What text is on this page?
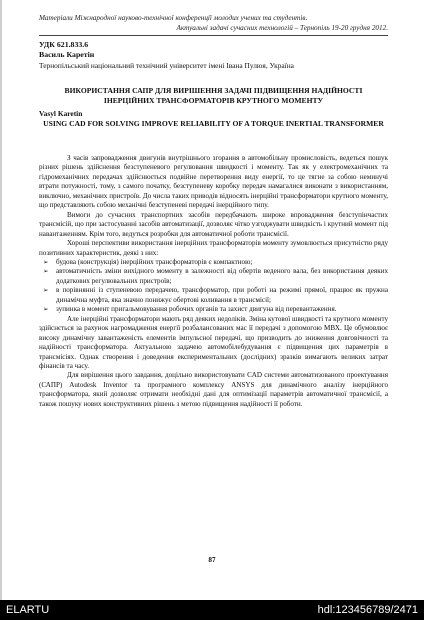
Матеріали Міжнародної науково-технічної конференції молодих учених та студентів.
Актуальні задачі сучасних технологій – Тернопіль 19-20 грудня 2012.
УДК 621.833.6
Василь Каретін
Тернопільський національний технічний університет імені Івана Пулюя, Україна
ВИКОРИСТАННЯ САПР ДЛЯ ВИРІШЕННЯ ЗАДАЧІ ПІДВИЩЕННЯ НАДІЙНОСТІ ІНЕРЦІЙНИХ ТРАНСФОРМАТОРІВ КРУТНОГО МОМЕНТУ
Vasyl Karetin
USING CAD FOR SOLVING IMPROVE RELIABILITY OF A TORQUE INERTIAL TRANSFORMER

З часів запровадження двигунів внутрішнього згорання в автомобільну промисловість, ведеться пошук різних рішень здійснення безступеневого регулювання швидкості і моменту. Так як у електромеханічних та гідромеханічних передачах здійснюється подвійне перетворення виду енергії, то це тягне за собою неминучі втрати потужності, тому, з самого початку, безступеневу коробку передач намагалися виконати з використанням, виключно, механічних пристроїв. До числа таких приводів відносять інерційні трансформатори крутного моменту, що представляють собою механічні безступеневі передачі інерційного типу.

Вимоги до сучасних транспортних засобів передбачають широке впровадження безступінчастих трансмісій, що при застосуванні засобів автоматизації, дозволяє чітко узгоджувати швидкість і крутний момент під навантаженням. Крім того, ведуться розробки для автоматичної роботи трансмісії.

Хороші перспективи використання інерційних трансформаторів моменту зумовлюється присутністю ряду позитивних характеристик, деякі з них:

➢ будова (конструкція) інерційних трансформаторів є компактною;
➢ автоматичність зміни вихідного моменту в залежності від обертів веденого вала, без використання деяких додаткових регулювальних пристроїв;
➢ в порівнянні із ступеневою передачею, трансформатор, при роботі на режимі прямої, працює як пружна динамічна муфта, яка значно понижує обертові коливання в трансмісії;
➢ зупинка в момент пригальмовування робочих органів та захист двигуна від перевантаження.

Але інерційні трансформатори мають ряд деяких недоліків. Зміна кутової швидкості та крутного моменту здійснється за рахунок нагромадження енергії розбалансованих мас її передачі з допомогою МВХ. Це обумовлює високу динамічну завантаженість елементів імпульсної передачі, що призводить до зниження довговічності та надійності трансформатора. Актуальною задачею автомобілебудування є підвищення цих параметрів в трансмісіях. Однак створення і доведення експериментальних (дослідних) зразків вимагають великих затрат фінансів та часу.

Для вирішення цього завдання, доцільно використовувати CAD системи автоматизованого проектування (САПР) Autodesk Inventor та програмного комплексу ANSYS для динамічного аналізу інерційного трансформатора, який дозволяє отримати необхідні дані для оптимізації параметрів автоматичної трансмісії, а також пошуку нових конструктивних рішень з метою підвищення надійності її роботи.

87
ELARTU	hdl:123456789/2471
